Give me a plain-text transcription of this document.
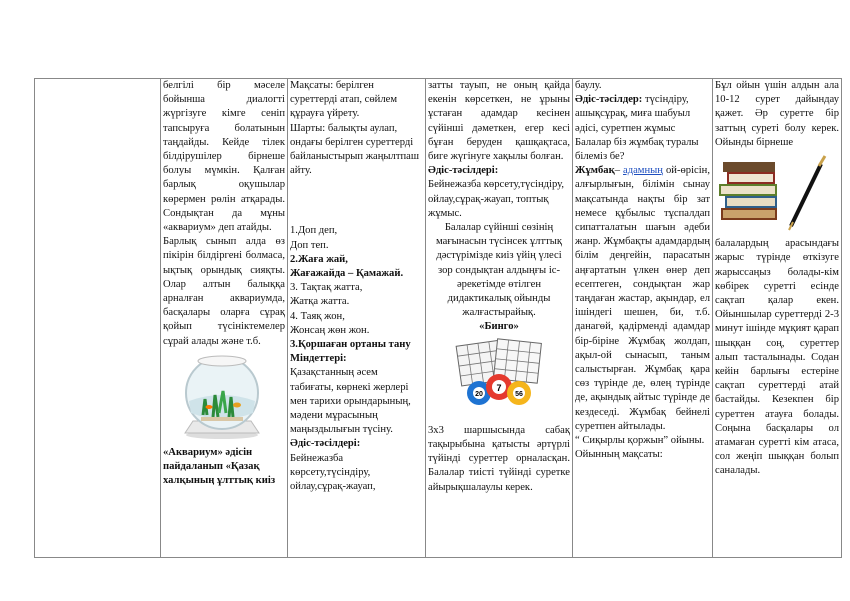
белгілі бір мәселе бойынша диалогті жүргізуге кімге сеніп тапсыруға болатынын таңдайды. Кейде тілек білдірушілер бірнеше болуы мүмкін. Қалған барлық оқушылар көрермен рөлін атқарады. Сондықтан да мұны «аквариум» деп атайды.

Барлық сынып алда өз пікірін білдіргені болмаса, ықтық орындық сияқты. Олар алтын балыққа арналған аквариумда, басқалары оларға сұрақ қойып түсініктемелер сұрай алады және т.б.

«Аквариум» әдісін пайдаланып «Қазақ халқының ұлттық киіз

Мақсаты: берілген суреттерді атап, сөйлем құрауға үйрету.

Шарты: балықты аулап, ондағы берілген суреттерді байланыстырып жаңылтпаш айту.

1.Доп деп,

Доп теп.

2.Жаға жай,

Жағажайда – Қамажай.

3. Тақтақ жатта,

Жатқа жатта.

4. Таяқ жон,

Жонсаң жөн жон.

3.Қоршаған ортаны тану

Міндеттері:

Қазақстанның әсем табиғаты, көрнекі жерлері мен тарихи орындарының, мәдени мұрасының маңыздылығын түсіну.

Әдіс-тәсілдері:

Бейнежазба көрсету,түсіндіру, ойлау,сұрақ-жауап,

затты тауып, не оның қайда екенін көрсеткен, не ұрыны ұстаған адамдар кесінен сүйінші дәметкен, егер кесі бұған беруден қашқақтаса, биге жүгінуге хақылы болған.

Әдіс-тәсілдері:

Бейнежазба көрсету,түсіндіру, ойлау,сұрақ-жауап, топтық жұмыс.

Балалар сүйінші сөзінің мағынасын түсінсек ұлттық дәстүрімізде киіз үйің үлесі зор сондықтан алдыңғы іс-әрекетімде өтілген дидактикалық ойынды жалғастырайық.

«Бинго»

20
7
56

3х3 шаршысында сабақ тақырыбына қатысты әртүрлі түйінді суреттер орналасқан. Балалар тиісті түйінді суретке айырықшалаулы керек.

баулу.

Әдіс-тәсілдер: түсіндіру, ашықсұрақ, миға шабуыл әдісі, суретпен жұмыс Балалар біз жұмбақ туралы білеміз бе?

Жұмбақ– адамның ой-өрісін, алғырлығын, білімін сынау мақсатында нақты бір зат немесе құбылыс тұспалдап сипатталатын шағын әдеби жанр. Жұмбақты адамдардың білім деңгейін, парасатын аңғартатын үлкен өнер деп есептеген, сондықтан жар таңдаған жастар, ақындар, ел ішіндегі шешен, би, т.б. данагөй, қадірменді адамдар бір-біріне Жұмбақ жолдап, ақыл-ой сынасып, таным салыстырған. Жұмбақ қара сөз түрінде де, өлең түрінде де, ақындық айтыс түрінде де кездеседі. Жұмбақ бейнелі суретпен айтылады.

“ Сиқырлы қоржын” ойыны.

Ойынның мақсаты:

Бұл ойын үшін алдын ала 10-12 сурет дайындау қажет. Әр суретте бір заттың суреті болу керек. Ойынды бірнеше

балалардың арасындағы жарыс түрінде өткізуге жарыссаңыз болады-кім көбірек суретті есінде сақтап қалар екен. Ойыншылар суреттерді 2-3 минут ішінде мұқият қарап шыққан соң, суреттер алып тасталынады. Содан кейін барлығы естеріне сақтап суреттерді атай бастайды. Кезекпен бір суреттен атауға болады. Соңына басқалары ол атамаған суретті кім атаса, сол жеңіп шыққан болып саналады.
